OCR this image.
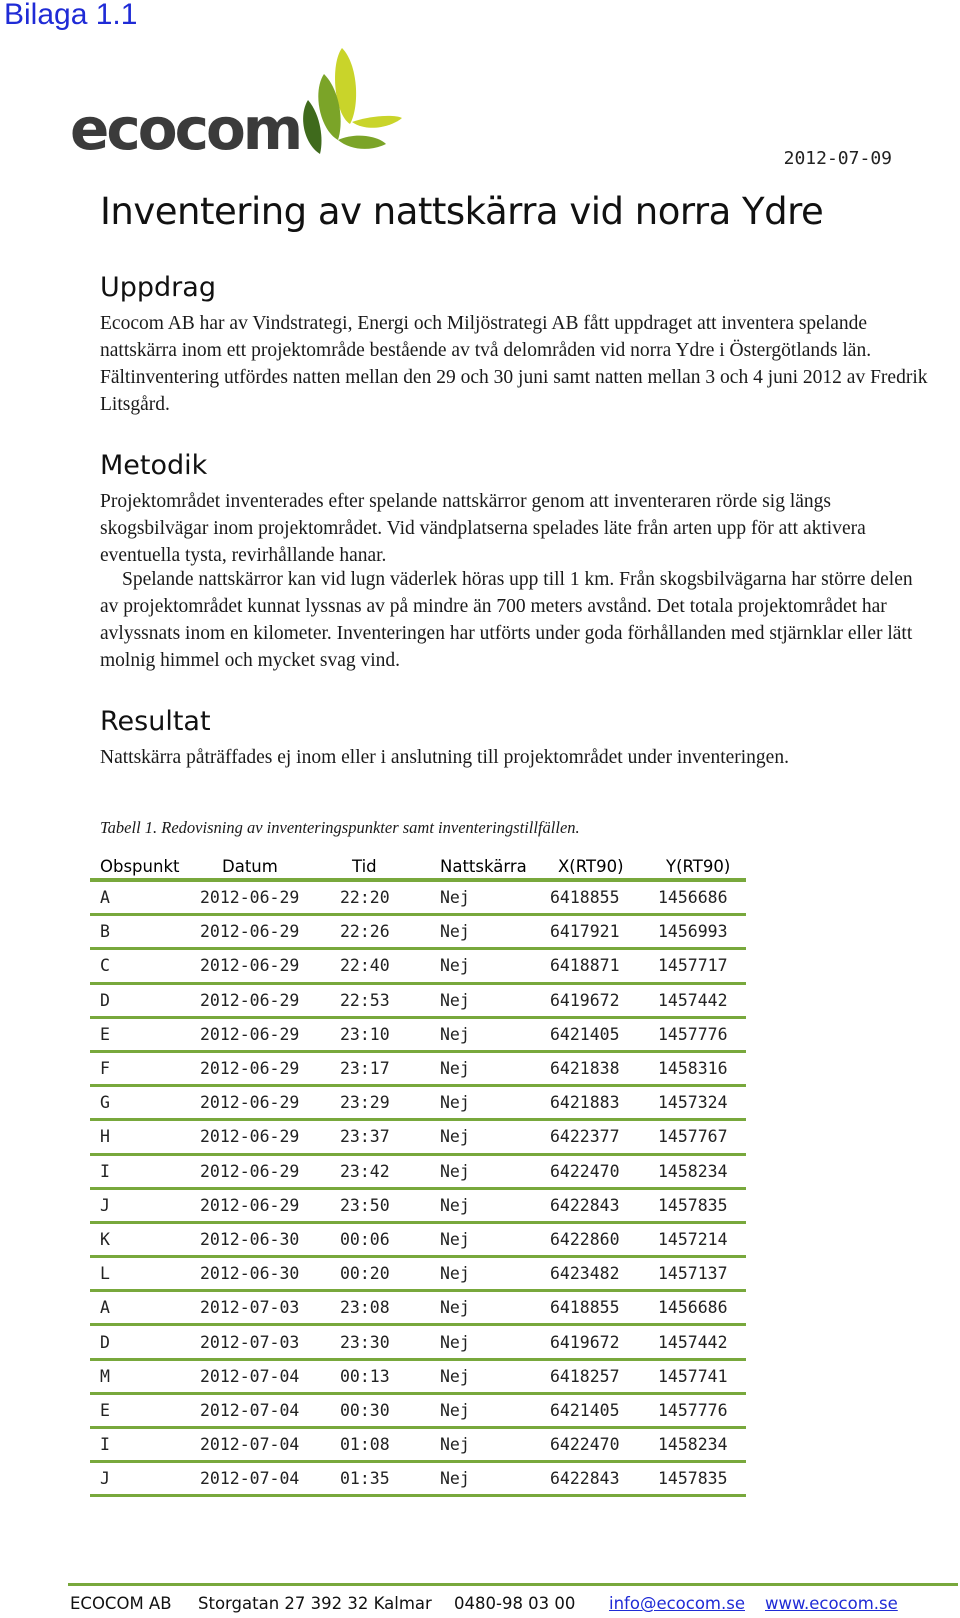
Bilaga 1.1
ecocom	2012-07-09
Inventering av nattskärra vid norra Ydre
Uppdrag

Ecocom AB har av Vindstrategi, Energi och Miljöstrategi AB fått uppdraget att inventera spelande nattskärra inom ett projektområde bestående av två delområden vid norra Ydre i Östergötlands län. Fältinventering utfördes natten mellan den 29 och 30 juni samt natten mellan 3 och 4 juni 2012 av Fredrik Litsgård.

Metodik

Projektområdet inventerades efter spelande nattskärror genom att inventeraren rörde sig längs skogsbilvägar inom projektområdet. Vid vändplatserna spelades läte från arten upp för att aktivera eventuella tysta, revirhållande hanar.

Spelande nattskärror kan vid lugn väderlek höras upp till 1 km. Från skogsbilvägarna har större delen av projektområdet kunnat lyssnas av på mindre än 700 meters avstånd. Det totala projektområdet har avlyssnats inom en kilometer. Inventeringen har utförts under goda förhållanden med stjärnklar eller lätt molnig himmel och mycket svag vind.

Resultat

Nattskärra påträffades ej inom eller i anslutning till projektområdet under inventeringen.

Tabell 1. Redovisning av inventeringspunkter samt inventeringstillfällen.
Obspunkt	Datum	Tid	Nattskärra	X(RT90)	Y(RT90)
A	2012-06-29	22:20	Nej	6418855	1456686
B	2012-06-29	22:26	Nej	6417921	1456993
C	2012-06-29	22:40	Nej	6418871	1457717
D	2012-06-29	22:53	Nej	6419672	1457442
E	2012-06-29	23:10	Nej	6421405	1457776
F	2012-06-29	23:17	Nej	6421838	1458316
G	2012-06-29	23:29	Nej	6421883	1457324
H	2012-06-29	23:37	Nej	6422377	1457767
I	2012-06-29	23:42	Nej	6422470	1458234
J	2012-06-29	23:50	Nej	6422843	1457835
K	2012-06-30	00:06	Nej	6422860	1457214
L	2012-06-30	00:20	Nej	6423482	1457137
A	2012-07-03	23:08	Nej	6418855	1456686
D	2012-07-03	23:30	Nej	6419672	1457442
M	2012-07-04	00:13	Nej	6418257	1457741
E	2012-07-04	00:30	Nej	6421405	1457776
I	2012-07-04	01:08	Nej	6422470	1458234
J	2012-07-04	01:35	Nej	6422843	1457835
ECOCOM AB Storgatan 27 392 32 Kalmar 0480-98 03 00 info@ecocom.se www.ecocom.se
